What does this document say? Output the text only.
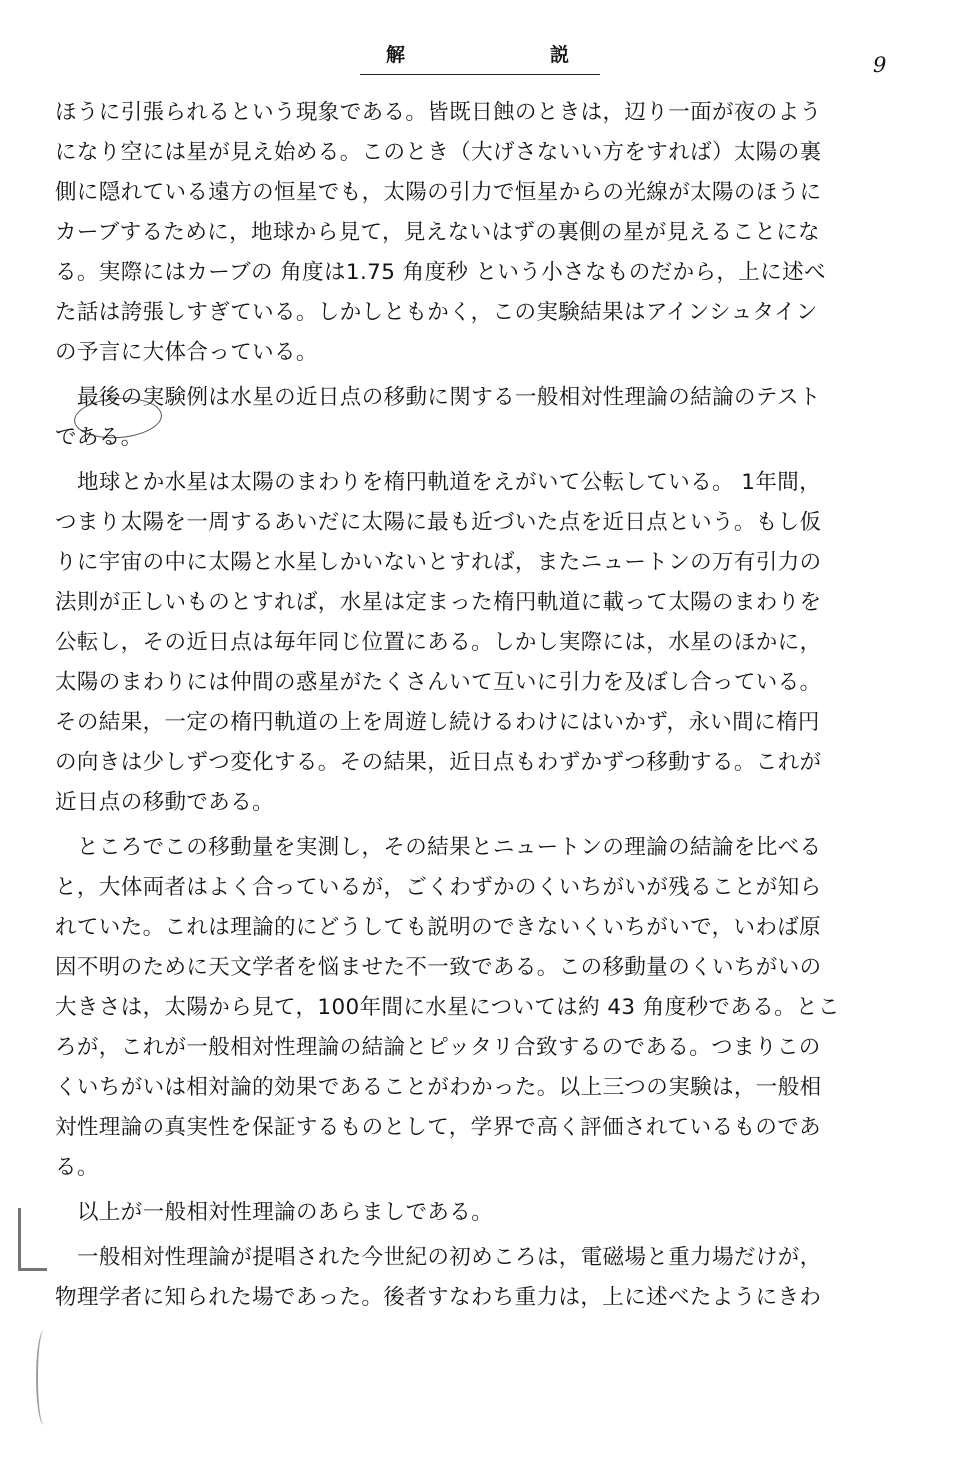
解	説	9
ほうに引張られるという現象である。皆既日蝕のときは，辺り一面が夜のよう
になり空には星が見え始める。このとき（大げさないい方をすれば）太陽の裏
側に隠れている遠方の恒星でも，太陽の引力で恒星からの光線が太陽のほうに
カーブするために，地球から見て，見えないはずの裏側の星が見えることにな
る。実際にはカーブの 角度は1.75 角度秒 という小さなものだから，上に述べ
た話は誇張しすぎている。しかしともかく，この実験結果はアインシュタイン
の予言に大体合っている。
最後の実験例は水星の近日点の移動に関する一般相対性理論の結論のテスト
である。
地球とか水星は太陽のまわりを楕円軌道をえがいて公転している。 1年間，
つまり太陽を一周するあいだに太陽に最も近づいた点を近日点という。もし仮
りに宇宙の中に太陽と水星しかいないとすれば，またニュートンの万有引力の
法則が正しいものとすれば，水星は定まった楕円軌道に載って太陽のまわりを
公転し，その近日点は毎年同じ位置にある。しかし実際には，水星のほかに，
太陽のまわりには仲間の惑星がたくさんいて互いに引力を及ぼし合っている。
その結果，一定の楕円軌道の上を周遊し続けるわけにはいかず，永い間に楕円
の向きは少しずつ変化する。その結果，近日点もわずかずつ移動する。これが
近日点の移動である。
ところでこの移動量を実測し，その結果とニュートンの理論の結論を比べる
と，大体両者はよく合っているが，ごくわずかのくいちがいが残ることが知ら
れていた。これは理論的にどうしても説明のできないくいちがいで，いわば原
因不明のために天文学者を悩ませた不一致である。この移動量のくいちがいの
大きさは，太陽から見て，100年間に水星については約 43 角度秒である。とこ
ろが，これが一般相対性理論の結論とピッタリ合致するのである。つまりこの
くいちがいは相対論的効果であることがわかった。以上三つの実験は，一般相
対性理論の真実性を保証するものとして，学界で高く評価されているものであ
る。
以上が一般相対性理論のあらましである。
一般相対性理論が提唱された今世紀の初めころは，電磁場と重力場だけが，
物理学者に知られた場であった。後者すなわち重力は，上に述べたようにきわ
